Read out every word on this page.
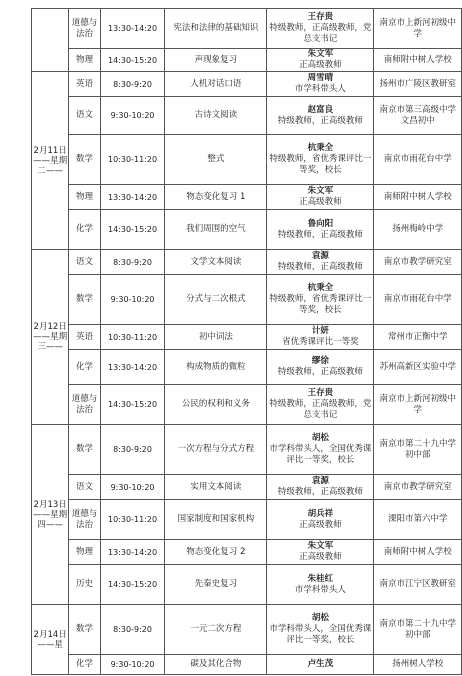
	道德与法治	13:30-14:20	宪法和法律的基础知识	王存贵
特级教师，正高级教师，党总支书记	南京市上新河初级中学
	物理	14:30-15:20	声现象复习	朱文军
正高级教师	南师附中树人学校
2月11日——星期二——	英语	8:30-9:20	人机对话口语	周雪晴
市学科带头人	扬州市广陵区教研室
	语文	9:30-10:20	古诗文阅读	赵富良
特级教师，正高级教师	南京市第三高级中学文昌初中
	数学	10:30-11:20	整式	杭秉全
特级教师，省优秀课评比一等奖，校长	南京市雨花台中学
	物理	13:30-14:20	物态变化复习 1	朱文军
正高级教师	南师附中树人学校
	化学	14:30-15:20	我们周围的空气	鲁向阳
特级教师，正高级教师	扬州梅岭中学
2月12日——星期三——	语文	8:30-9:20	文学文本阅读	袁源
特级教师，正高级教师	南京市教学研究室
	数学	9:30-10:20	分式与二次根式	杭秉全
特级教师，省优秀课评比一等奖，校长	南京市雨花台中学
	英语	10:30-11:20	初中词法	计妍
省优秀课评比一等奖	常州市正衡中学
	化学	13:30-14:20	构成物质的微粒	缪徐
特级教师，正高级教师	苏州高新区实验中学
	道德与法治	14:30-15:20	公民的权利和义务	王存贵
特级教师，正高级教师，党总支书记	南京市上新河初级中学
2月13日——星期四——	数学	8:30-9:20	一次方程与分式方程	胡松
市学科带头人，全国优秀课评比一等奖，校长	南京市第二十九中学初中部
	语文	9:30-10:20	实用文本阅读	袁源
特级教师，正高级教师	南京市教学研究室
	道德与法治	10:30-11:20	国家制度和国家机构	胡兵祥
正高级教师	溧阳市第六中学
	物理	13:30-14:20	物态变化复习 2	朱文军
正高级教师	南师附中树人学校
	历史	14:30-15:20	先秦史复习	朱桂红
市学科带头人	南京市江宁区教研室
2月14日——星	数学	8:30-9:20	一元二次方程	胡松
市学科带头人，全国优秀课评比一等奖，校长	南京市第二十九中学初中部
	化学	9:30-10:20	碳及其化合物	卢生茂	扬州树人学校
